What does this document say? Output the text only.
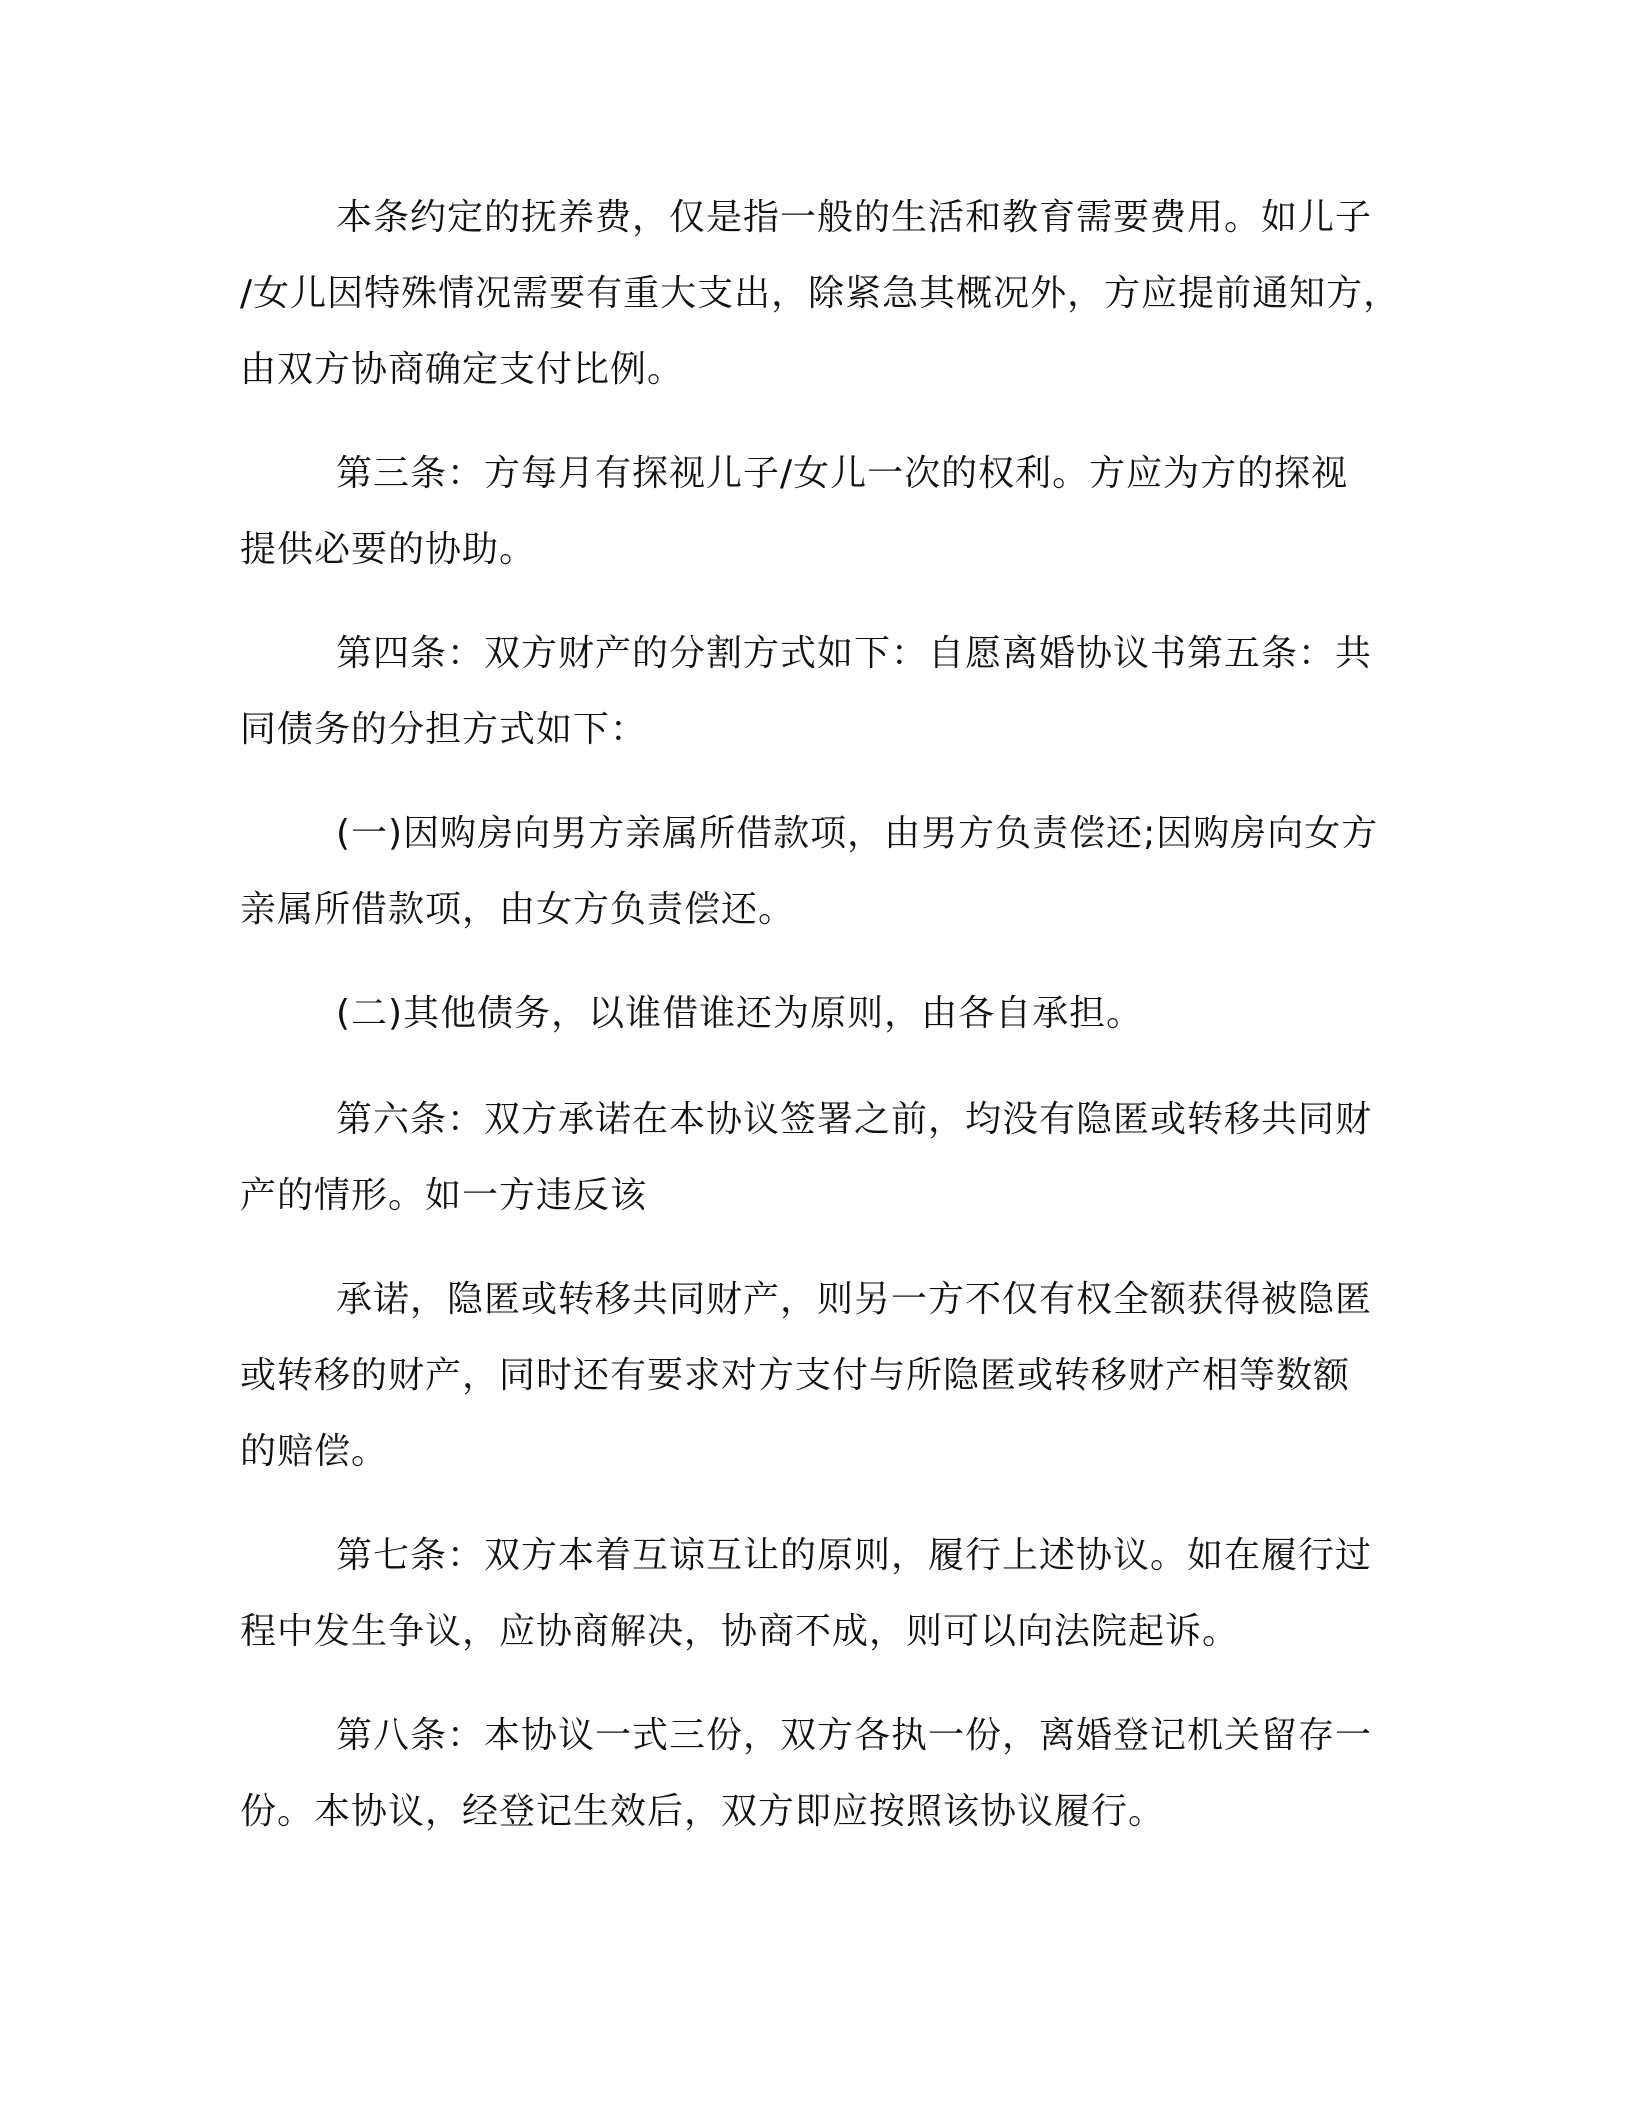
本条约定的抚养费，仅是指一般的生活和教育需要费用。如儿子
/女儿因特殊情况需要有重大支出，除紧急其概况外，方应提前通知方，
由双方协商确定支付比例。
第三条：方每月有探视儿子/女儿一次的权利。方应为方的探视
提供必要的协助。
第四条：双方财产的分割方式如下：自愿离婚协议书第五条：共
同债务的分担方式如下：
(一)因购房向男方亲属所借款项，由男方负责偿还;因购房向女方
亲属所借款项，由女方负责偿还。
(二)其他债务，以谁借谁还为原则，由各自承担。
第六条：双方承诺在本协议签署之前，均没有隐匿或转移共同财
产的情形。如一方违反该
承诺，隐匿或转移共同财产，则另一方不仅有权全额获得被隐匿
或转移的财产，同时还有要求对方支付与所隐匿或转移财产相等数额
的赔偿。
第七条：双方本着互谅互让的原则，履行上述协议。如在履行过
程中发生争议，应协商解决，协商不成，则可以向法院起诉。
第八条：本协议一式三份，双方各执一份，离婚登记机关留存一
份。本协议，经登记生效后，双方即应按照该协议履行。
